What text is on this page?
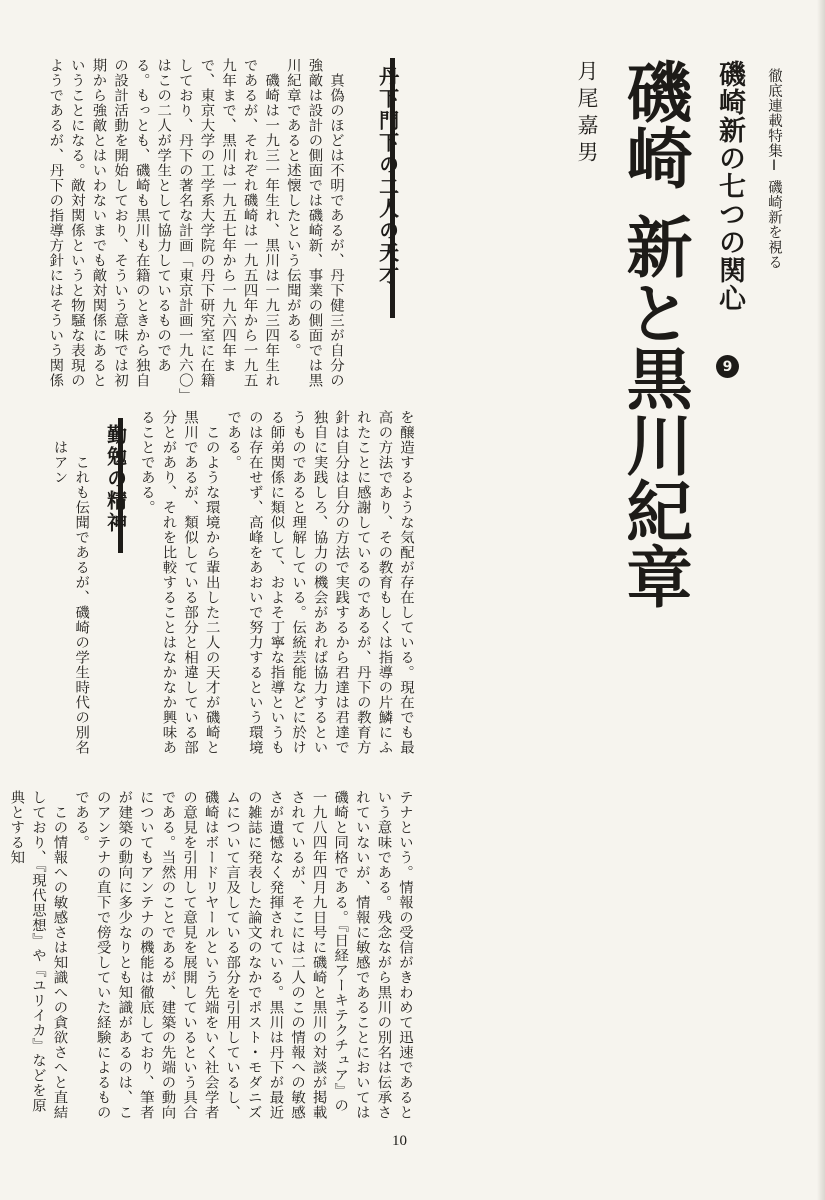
徹底連載特集Ⅰ 磯崎新を視る

磯崎新の七つの関心

9
磯崎 新と黒川紀章

月尾嘉男

丹下門下の二人の天才

　真偽のほどは不明であるが、丹下健三が自分の強敵は設計の側面では磯崎新、事業の側面では黒川紀章であると述懐したという伝聞がある。
　磯崎は一九三一年生れ、黒川は一九三四年生れであるが、それぞれ磯崎は一九五四年から一九五九年まで、黒川は一九五七年から一九六四年まで、東京大学の工学系大学院の丹下研究室に在籍しており、丹下の著名な計画「東京計画一九六〇」はこの二人が学生として協力しているものである。もっとも、磯崎も黒川も在籍のときから独自の設計活動を開始しており、そういう意味では初期から強敵とはいわないまでも敵対関係にあるということになる。敵対関係というと物騒な表現のようであるが、丹下の指導方針にはそういう関係

を醸造するような気配が存在している。現在でも最高の方法であり、その教育もしくは指導の片鱗にふれたことに感謝しているのであるが、丹下の教育方針は自分は自分の方法で実践するから君達は君達で独自に実践しろ、協力の機会があれば協力するというものであると理解している。伝統芸能などに於ける師弟関係に類似して、およそ丁寧な指導というものは存在せず、高峰をあおいで努力するという環境である。
　このような環境から輩出した二人の天才が磯崎と黒川であるが、類似している部分と相違している部分とがあり、それを比較することはなかなか興味あることである。

勤勉の精神

　これも伝聞であるが、磯崎の学生時代の別名はアン

テナという。情報の受信がきわめて迅速であるという意味である。残念ながら黒川の別名は伝承されていないが、情報に敏感であることにおいては磯崎と同格である。『日経アーキテクチュア』の一九八四年四月九日号に磯崎と黒川の対談が掲載されているが、そこには二人のこの情報への敏感さが遺憾なく発揮されている。黒川は丹下が最近の雑誌に発表した論文のなかでポスト・モダニズムについて言及している部分を引用しているし、磯崎はボードリヤールという先端をいく社会学者の意見を引用して意見を展開しているという具合である。当然のことであるが、建築の先端の動向についてもアンテナの機能は徹底しており、筆者が建築の動向に多少なりとも知識があるのは、このアンテナの直下で傍受していた経験によるものである。
　この情報への敏感さは知識への貪欲さへと直結しており、『現代思想』や『ユリイカ』などを原典とする知

10
